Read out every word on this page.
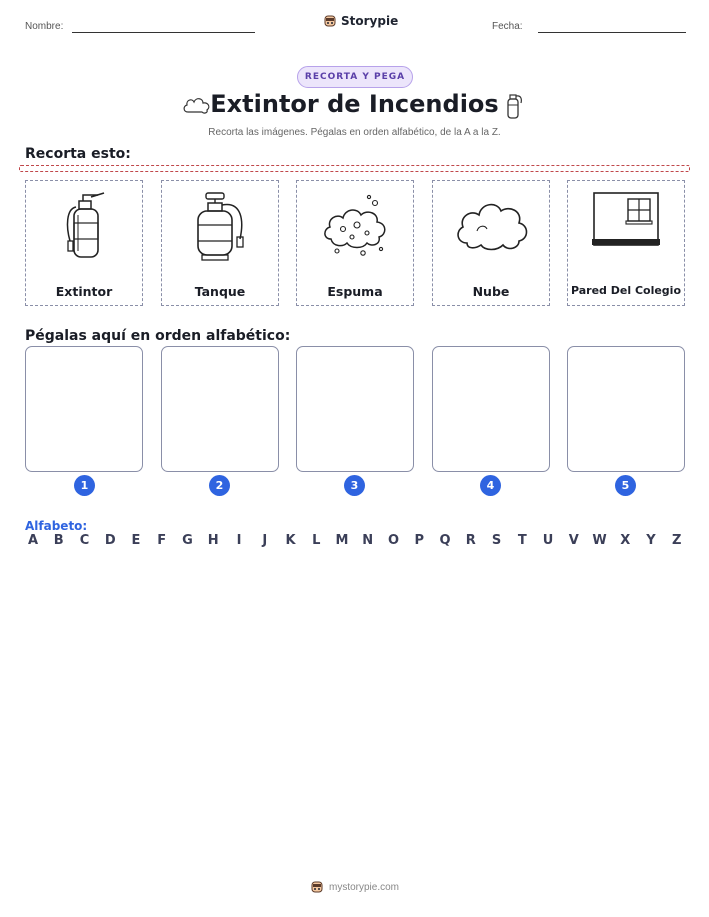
Nombre:	Storypie	Fecha:
RECORTA Y PEGA
Extintor de Incendios
Recorta las imágenes. Pégalas en orden alfabético, de la A a la Z.
Recorta esto:
Extintor	Tanque	Espuma	Nube	Pared Del Colegio
Pégalas aquí en orden alfabético:
1	2	3	4	5
Alfabeto:
A B C D E F G H	I	J	K L M N O P Q R S T U V W X Y Z
mystorypie.com
